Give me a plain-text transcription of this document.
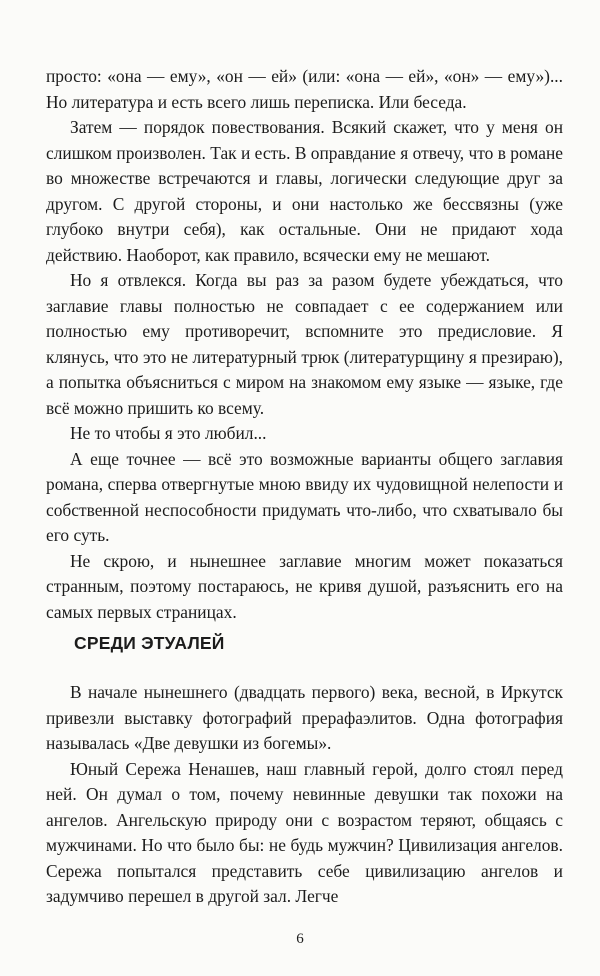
просто: «она — ему», «он — ей» (или: «она — ей», «он» — ему»)... Но литература и есть всего лишь переписка. Или беседа.

Затем — порядок повествования. Всякий скажет, что у меня он слишком произволен. Так и есть. В оправдание я отвечу, что в романе во множестве встречаются и главы, логически следующие друг за другом. С другой стороны, и они настолько же бессвязны (уже глубоко внутри себя), как остальные. Они не придают хода действию. Наоборот, как правило, всячески ему не мешают.

Но я отвлекся. Когда вы раз за разом будете убеждаться, что заглавие главы полностью не совпадает с ее содержанием или полностью ему противоречит, вспомните это предисловие. Я клянусь, что это не литературный трюк (литературщину я презираю), а попытка объясниться с миром на знакомом ему языке — языке, где всё можно пришить ко всему.

Не то чтобы я это любил...

А еще точнее — всё это возможные варианты общего заглавия романа, сперва отвергнутые мною ввиду их чудовищной нелепости и собственной неспособности придумать что-либо, что схватывало бы его суть.

Не скрою, и нынешнее заглавие многим может показаться странным, поэтому постараюсь, не кривя душой, разъяснить его на самых первых страницах.

СРЕДИ ЭТУАЛЕЙ

В начале нынешнего (двадцать первого) века, весной, в Иркутск привезли выставку фотографий прерафаэлитов. Одна фотография называлась «Две девушки из богемы».

Юный Сережа Ненашев, наш главный герой, долго стоял перед ней. Он думал о том, почему невинные девушки так похожи на ангелов. Ангельскую природу они с возрастом теряют, общаясь с мужчинами. Но что было бы: не будь мужчин? Цивилизация ангелов. Сережа попытался представить себе цивилизацию ангелов и задумчиво перешел в другой зал. Легче

6
